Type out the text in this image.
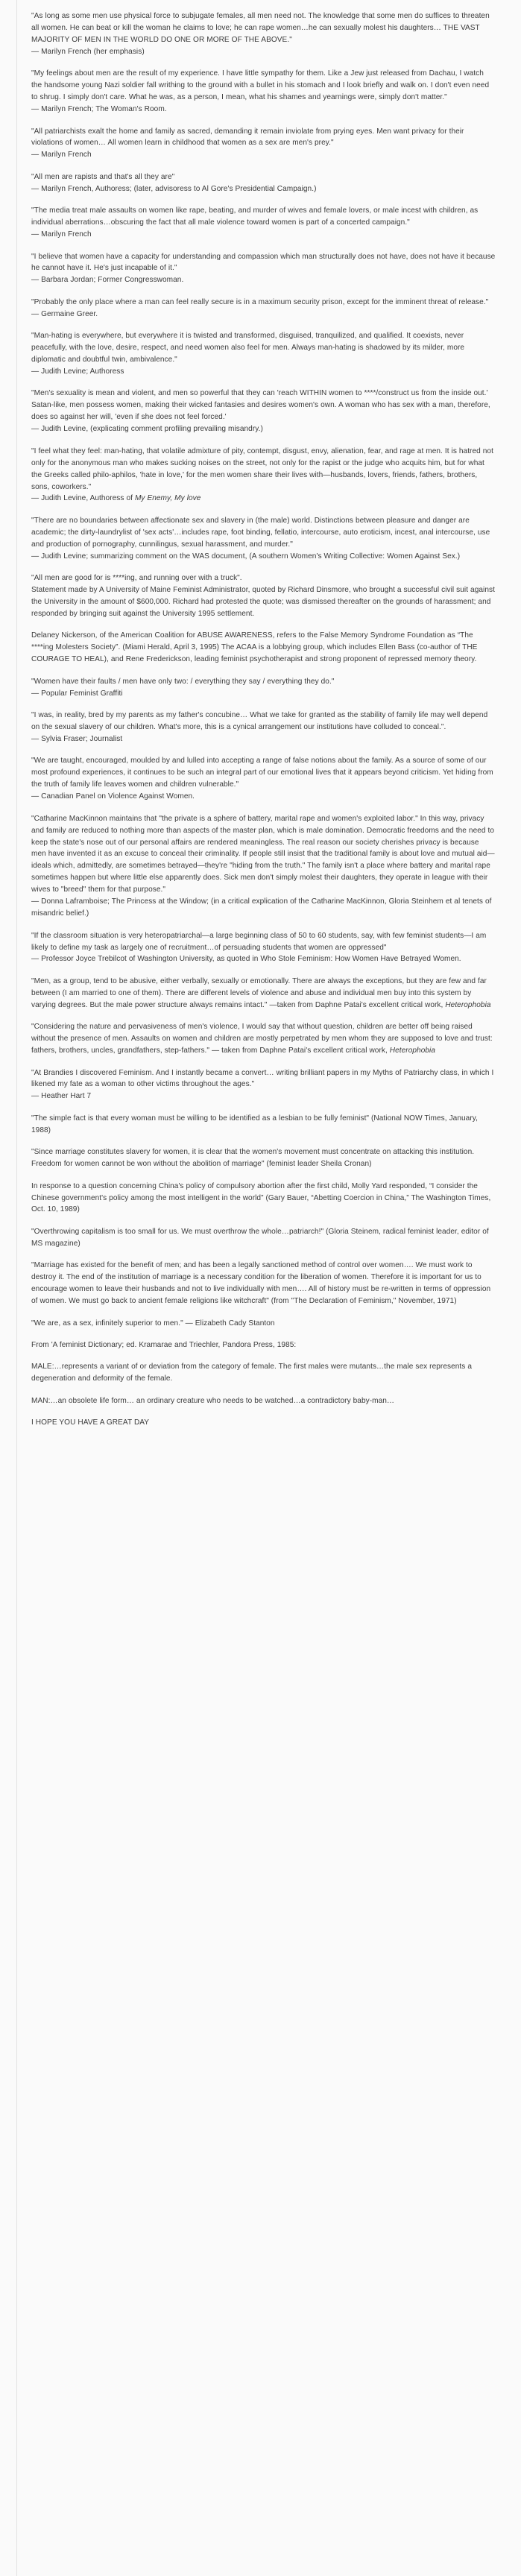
"As long as some men use physical force to subjugate females, all men need not. The knowledge that some men do suffices to threaten all women. He can beat or kill the woman he claims to love; he can rape women…he can sexually molest his daughters… THE VAST MAJORITY OF MEN IN THE WORLD DO ONE OR MORE OF THE ABOVE."
— Marilyn French (her emphasis)

"My feelings about men are the result of my experience. I have little sympathy for them. Like a Jew just released from Dachau, I watch the handsome young Nazi soldier fall writhing to the ground with a bullet in his stomach and I look briefly and walk on. I don't even need to shrug. I simply don't care. What he was, as a person, I mean, what his shames and yearnings were, simply don't matter."
— Marilyn French; The Woman's Room.

"All patriarchists exalt the home and family as sacred, demanding it remain inviolate from prying eyes. Men want privacy for their violations of women… All women learn in childhood that women as a sex are men's prey."
— Marilyn French

"All men are rapists and that's all they are"
— Marilyn French, Authoress; (later, advisoress to Al Gore's Presidential Campaign.)

"The media treat male assaults on women like rape, beating, and murder of wives and female lovers, or male incest with children, as individual aberrations…obscuring the fact that all male violence toward women is part of a concerted campaign."
— Marilyn French

"I believe that women have a capacity for understanding and compassion which man structurally does not have, does not have it because he cannot have it. He's just incapable of it."
— Barbara Jordan; Former Congresswoman.

"Probably the only place where a man can feel really secure is in a maximum security prison, except for the imminent threat of release."
— Germaine Greer.

"Man-hating is everywhere, but everywhere it is twisted and transformed, disguised, tranquilized, and qualified. It coexists, never peacefully, with the love, desire, respect, and need women also feel for men. Always man-hating is shadowed by its milder, more diplomatic and doubtful twin, ambivalence."
— Judith Levine; Authoress

"Men's sexuality is mean and violent, and men so powerful that they can 'reach WITHIN women to ****/construct us from the inside out.' Satan-like, men possess women, making their wicked fantasies and desires women's own. A woman who has sex with a man, therefore, does so against her will, 'even if she does not feel forced.'
— Judith Levine, (explicating comment profiling prevailing misandry.)

"I feel what they feel: man-hating, that volatile admixture of pity, contempt, disgust, envy, alienation, fear, and rage at men. It is hatred not only for the anonymous man who makes sucking noises on the street, not only for the rapist or the judge who acquits him, but for what the Greeks called philo-aphilos, 'hate in love,' for the men women share their lives with—husbands, lovers, friends, fathers, brothers, sons, coworkers."
— Judith Levine, Authoress of My Enemy, My love

"There are no boundaries between affectionate sex and slavery in (the male) world. Distinctions between pleasure and danger are academic; the dirty-laundrylist of 'sex acts'…includes rape, foot binding, fellatio, intercourse, auto eroticism, incest, anal intercourse, use and production of pornography, cunnilingus, sexual harassment, and murder."
— Judith Levine; summarizing comment on the WAS document, (A southern Women's Writing Collective: Women Against Sex.)

"All men are good for is ****ing, and running over with a truck".
Statement made by A University of Maine Feminist Administrator, quoted by Richard Dinsmore, who brought a successful civil suit against the University in the amount of $600,000. Richard had protested the quote; was dismissed thereafter on the grounds of harassment; and responded by bringing suit against the University 1995 settlement.

Delaney Nickerson, of the American Coalition for ABUSE AWARENESS, refers to the False Memory Syndrome Foundation as “The ****ing Molesters Society”. (Miami Herald, April 3, 1995) The ACAA is a lobbying group, which includes Ellen Bass (co-author of THE COURAGE TO HEAL), and Rene Frederickson, leading feminist psychotherapist and strong proponent of repressed memory theory.

"Women have their faults / men have only two: / everything they say / everything they do."
— Popular Feminist Graffiti

"I was, in reality, bred by my parents as my father's concubine… What we take for granted as the stability of family life may well depend on the sexual slavery of our children. What's more, this is a cynical arrangement our institutions have colluded to conceal.".
— Sylvia Fraser; Journalist

"We are taught, encouraged, moulded by and lulled into accepting a range of false notions about the family. As a source of some of our most profound experiences, it continues to be such an integral part of our emotional lives that it appears beyond criticism. Yet hiding from the truth of family life leaves women and children vulnerable."
— Canadian Panel on Violence Against Women.

"Catharine MacKinnon maintains that "the private is a sphere of battery, marital rape and women's exploited labor." In this way, privacy and family are reduced to nothing more than aspects of the master plan, which is male domination. Democratic freedoms and the need to keep the state's nose out of our personal affairs are rendered meaningless. The real reason our society cherishes privacy is because men have invented it as an excuse to conceal their criminality. If people still insist that the traditional family is about love and mutual aid—ideals which, admittedly, are sometimes betrayed—they're "hiding from the truth." The family isn't a place where battery and marital rape sometimes happen but where little else apparently does. Sick men don't simply molest their daughters, they operate in league with their wives to "breed" them for that purpose."
— Donna Laframboise; The Princess at the Window; (in a critical explication of the Catharine MacKinnon, Gloria Steinhem et al tenets of misandric belief.)

"If the classroom situation is very heteropatriarchal—a large beginning class of 50 to 60 students, say, with few feminist students—I am likely to define my task as largely one of recruitment…of persuading students that women are oppressed"
— Professor Joyce Trebilcot of Washington University, as quoted in Who Stole Feminism: How Women Have Betrayed Women.

"Men, as a group, tend to be abusive, either verbally, sexually or emotionally. There are always the exceptions, but they are few and far between (I am married to one of them). There are different levels of violence and abuse and individual men buy into this system by varying degrees. But the male power structure always remains intact." —taken from Daphne Patai's excellent critical work, Heterophobia

"Considering the nature and pervasiveness of men's violence, I would say that without question, children are better off being raised without the presence of men. Assaults on women and children are mostly perpetrated by men whom they are supposed to love and trust: fathers, brothers, uncles, grandfathers, step-fathers." — taken from Daphne Patai's excellent critical work, Heterophobia

"At Brandies I discovered Feminism. And I instantly became a convert… writing brilliant papers in my Myths of Patriarchy class, in which I likened my fate as a woman to other victims throughout the ages."
— Heather Hart 7

"The simple fact is that every woman must be willing to be identified as a lesbian to be fully feminist" (National NOW Times, January, 1988)

"Since marriage constitutes slavery for women, it is clear that the women's movement must concentrate on attacking this institution. Freedom for women cannot be won without the abolition of marriage" (feminist leader Sheila Cronan)

In response to a question concerning China's policy of compulsory abortion after the first child, Molly Yard responded, “I consider the Chinese government's policy among the most intelligent in the world” (Gary Bauer, “Abetting Coercion in China,” The Washington Times, Oct. 10, 1989)

"Overthrowing capitalism is too small for us. We must overthrow the whole…patriarch!" (Gloria Steinem, radical feminist leader, editor of MS magazine)

"Marriage has existed for the benefit of men; and has been a legally sanctioned method of control over women…. We must work to destroy it. The end of the institution of marriage is a necessary condition for the liberation of women. Therefore it is important for us to encourage women to leave their husbands and not to live individually with men…. All of history must be re-written in terms of oppression of women. We must go back to ancient female religions like witchcraft" (from "The Declaration of Feminism," November, 1971)

"We are, as a sex, infinitely superior to men." — Elizabeth Cady Stanton

From 'A feminist Dictionary; ed. Kramarae and Triechler, Pandora Press, 1985:

MALE:…represents a variant of or deviation from the category of female. The first males were mutants…the male sex represents a degeneration and deformity of the female.

MAN:…an obsolete life form… an ordinary creature who needs to be watched…a contradictory baby-man…

I HOPE YOU HAVE A GREAT DAY
